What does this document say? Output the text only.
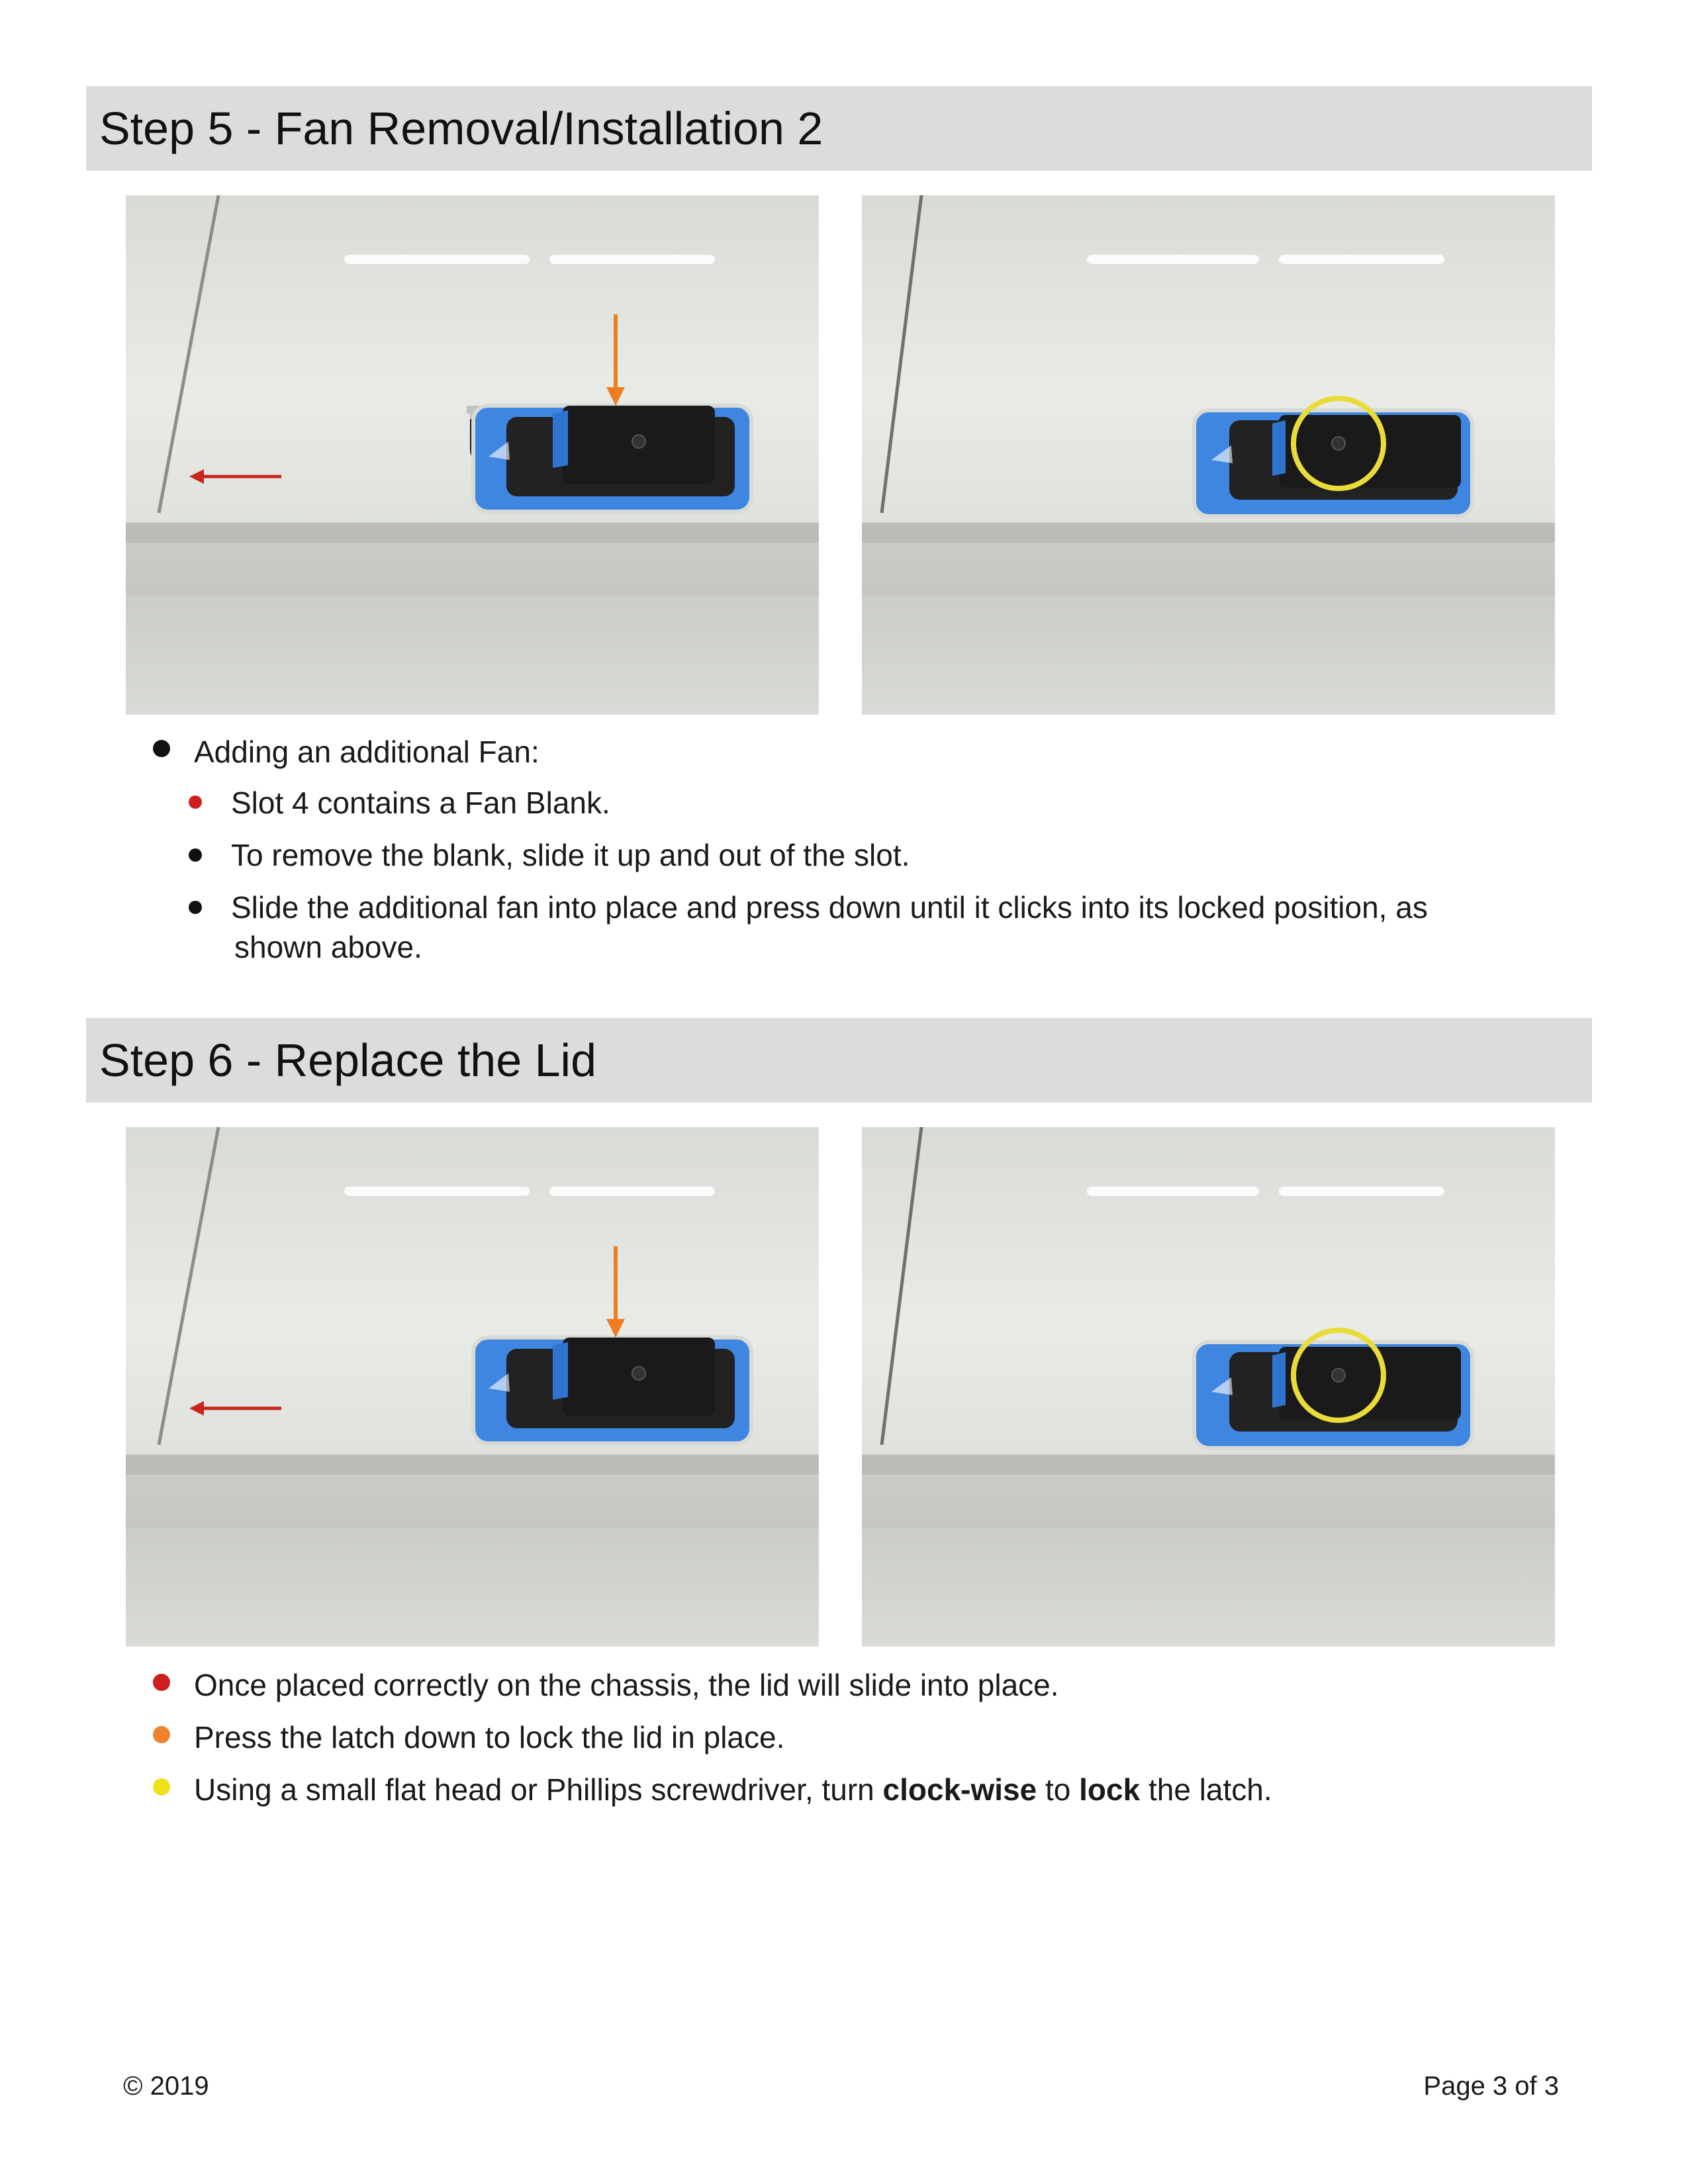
Step 5 - Fan Removal/Installation 2
Adding an additional Fan:
Slot 4 contains a Fan Blank.
To remove the blank, slide it up and out of the slot.
Slide the additional fan into place and press down until it clicks into its locked position, as
shown above.
Step 6 - Replace the Lid
Once placed correctly on the chassis, the lid will slide into place.
Press the latch down to lock the lid in place.
Using a small flat head or Phillips screwdriver, turn clock-wise to lock the latch.
© 2019	Page 3 of 3
